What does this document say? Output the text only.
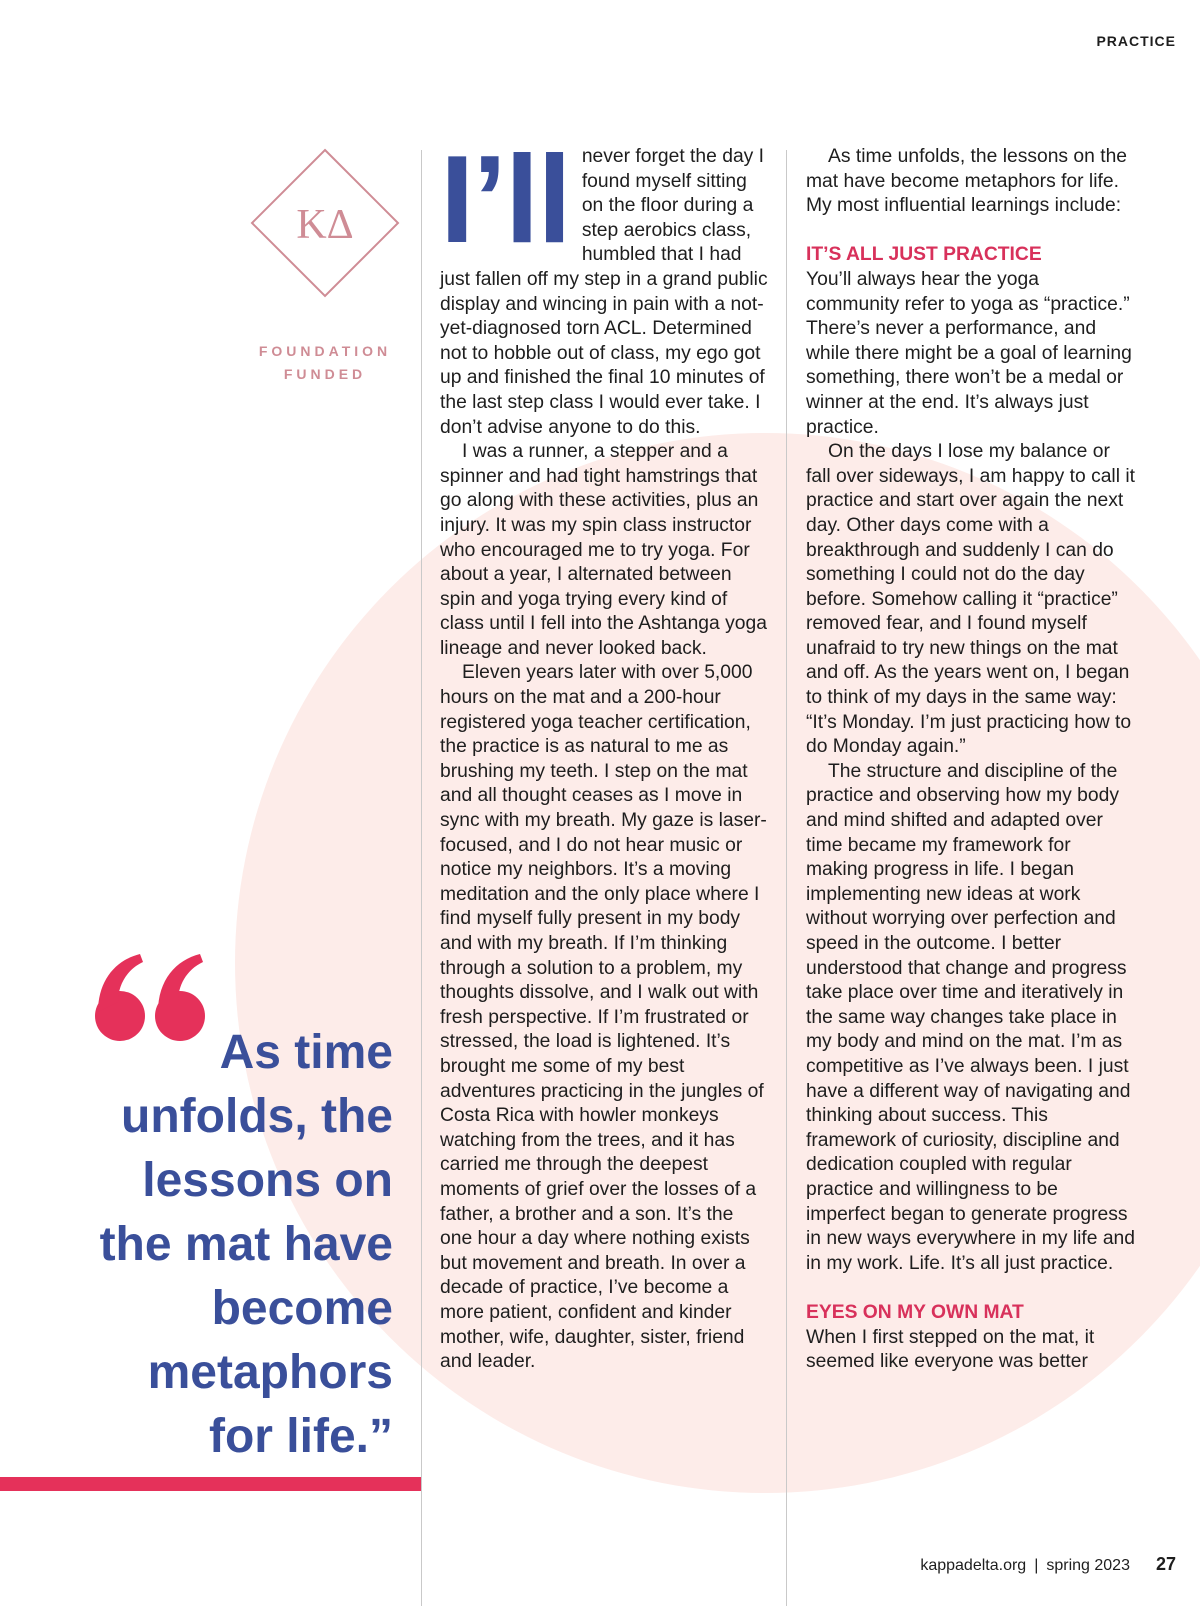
PRACTICE
KΔ
FOUNDATION
FUNDED

As time

unfolds, the

lessons on

the mat have

become

metaphors

for life.”

I’ll never forget the day I found myself sitting on the floor during a step aerobics class, humbled that I had just fallen off my step in a grand public display and wincing in pain with a not-yet-diagnosed torn ACL. Determined not to hobble out of class, my ego got up and finished the final 10 minutes of the last step class I would ever take. I don’t advise anyone to do this.

I was a runner, a stepper and a spinner and had tight hamstrings that go along with these activities, plus an injury. It was my spin class instructor who encouraged me to try yoga. For about a year, I alternated between spin and yoga trying every kind of class until I fell into the Ashtanga yoga lineage and never looked back.

Eleven years later with over 5,000 hours on the mat and a 200-hour registered yoga teacher certification, the practice is as natural to me as brushing my teeth. I step on the mat and all thought ceases as I move in sync with my breath. My gaze is laser-focused, and I do not hear music or notice my neighbors. It’s a moving meditation and the only place where I find myself fully present in my body and with my breath. If I’m thinking through a solution to a problem, my thoughts dissolve, and I walk out with fresh perspective. If I’m frustrated or stressed, the load is lightened. It’s brought me some of my best adventures practicing in the jungles of Costa Rica with howler monkeys watching from the trees, and it has carried me through the deepest moments of grief over the losses of a father, a brother and a son. It’s the one hour a day where nothing exists but movement and breath. In over a decade of practice, I’ve become a more patient, confident and kinder mother, wife, daughter, sister, friend and leader.

As time unfolds, the lessons on the mat have become metaphors for life. My most influential learnings include:

IT’S ALL JUST PRACTICE

You’ll always hear the yoga community refer to yoga as “practice.” There’s never a performance, and while there might be a goal of learning something, there won’t be a medal or winner at the end. It’s always just practice.

On the days I lose my balance or fall over sideways, I am happy to call it practice and start over again the next day. Other days come with a breakthrough and suddenly I can do something I could not do the day before. Somehow calling it “practice” removed fear, and I found myself unafraid to try new things on the mat and off. As the years went on, I began to think of my days in the same way: “It’s Monday. I’m just practicing how to do Monday again.”

The structure and discipline of the practice and observing how my body and mind shifted and adapted over time became my framework for making progress in life. I began implementing new ideas at work without worrying over perfection and speed in the outcome. I better understood that change and progress take place over time and iteratively in the same way changes take place in my body and mind on the mat. I’m as competitive as I’ve always been. I just have a different way of navigating and thinking about success. This framework of curiosity, discipline and dedication coupled with regular practice and willingness to be imperfect began to generate progress in new ways everywhere in my life and in my work. Life. It’s all just practice.

EYES ON MY OWN MAT

When I first stepped on the mat, it seemed like everyone was better

kappadelta.org | spring 2023 27
